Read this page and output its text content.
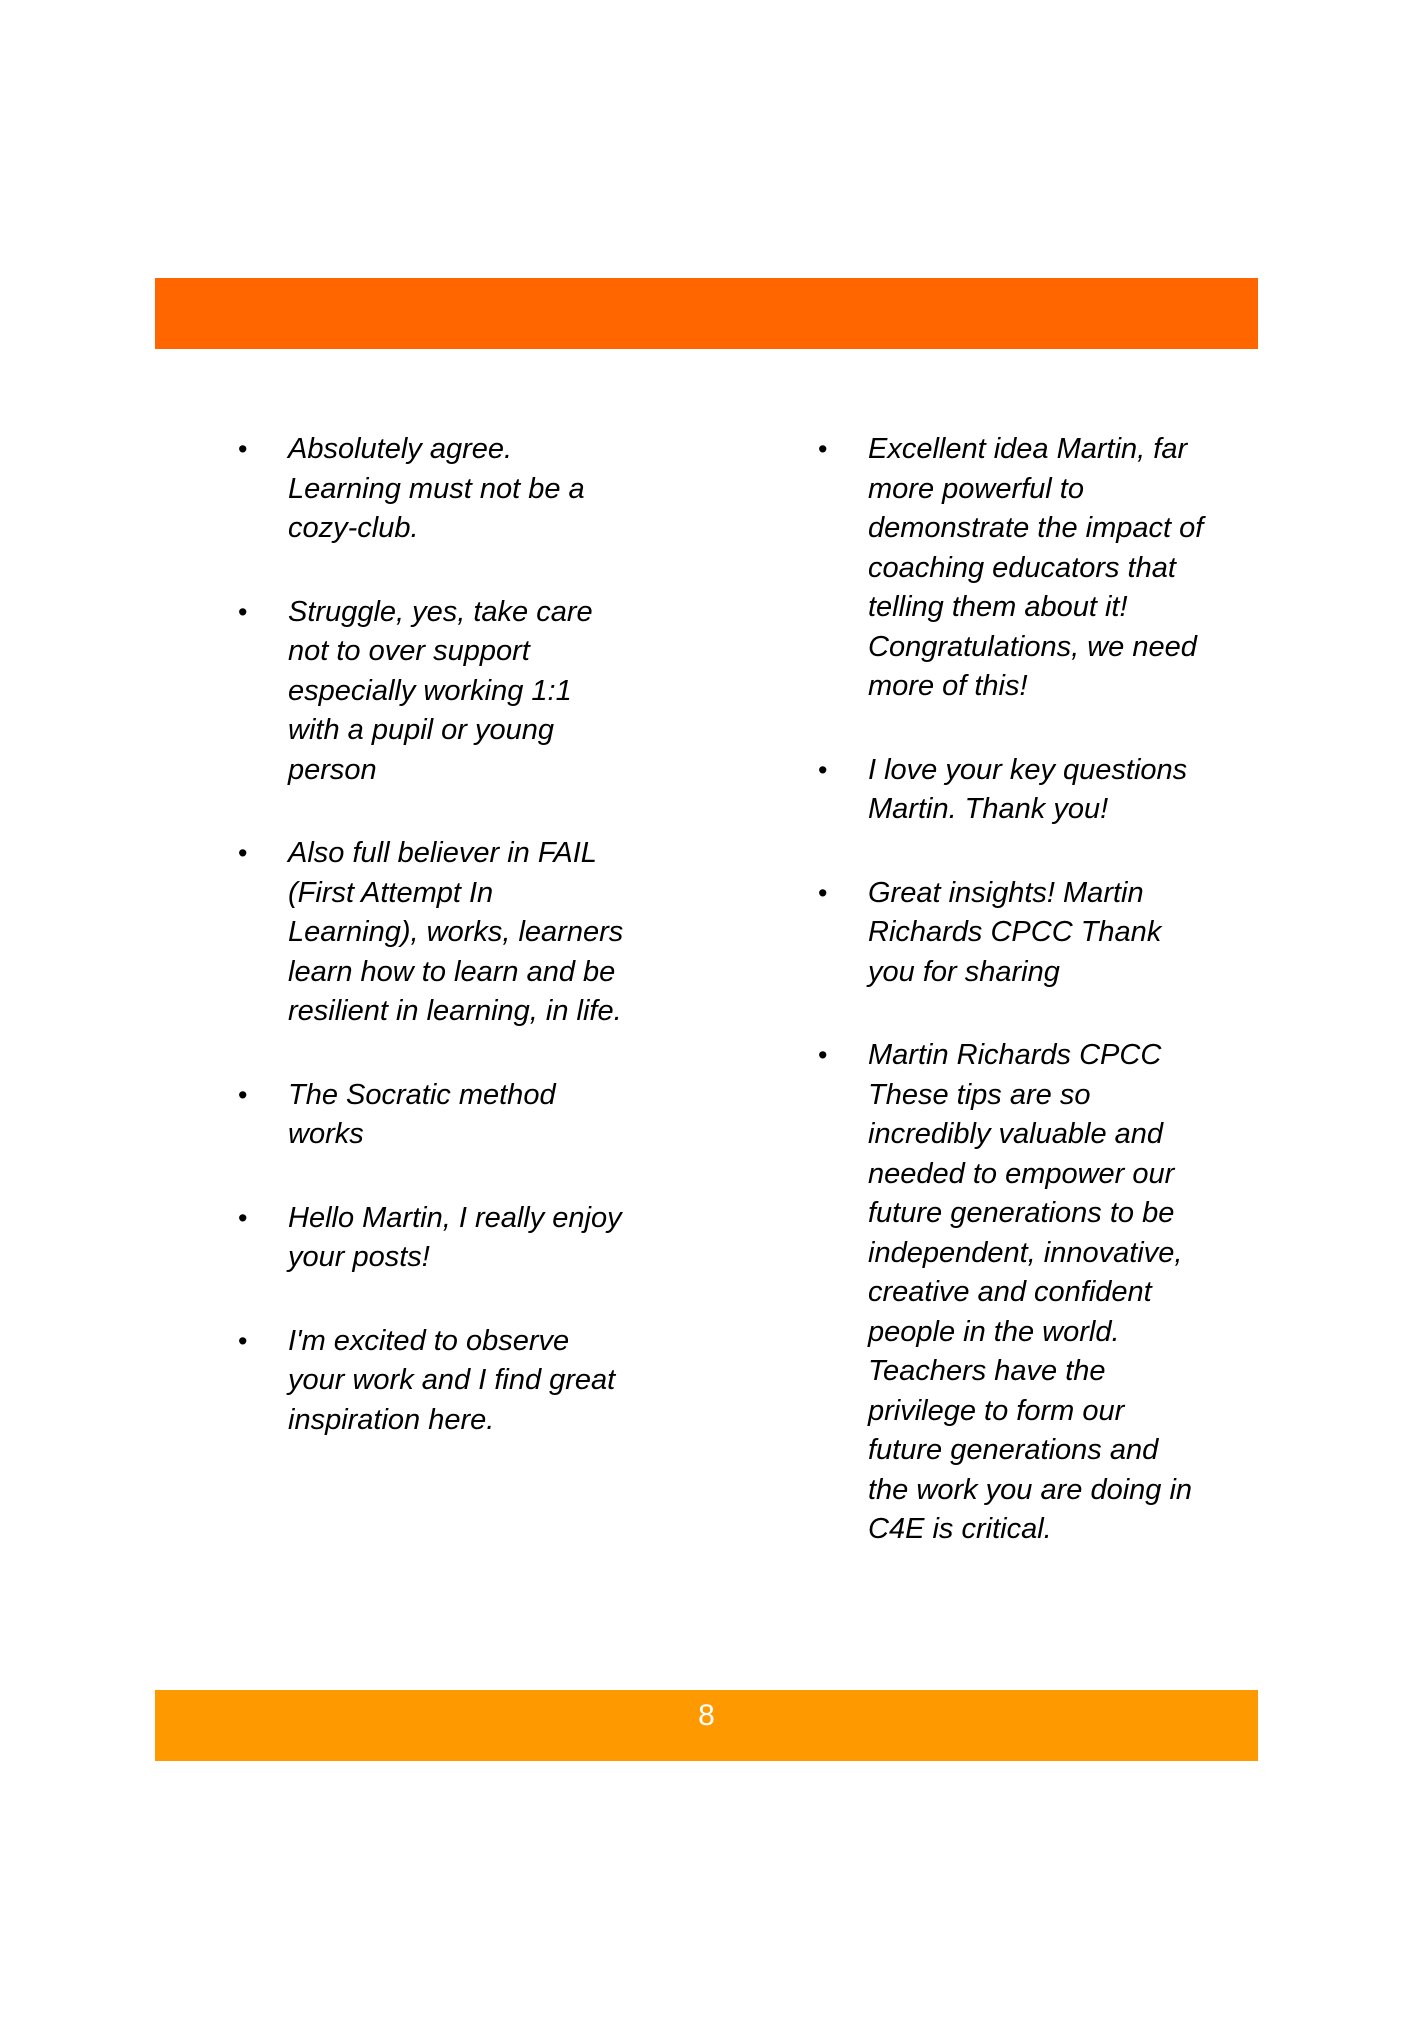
• Absolutely agree.
Learning must not be a
cozy-club.
• Struggle, yes, take care
not to over support
especially working 1:1
with a pupil or young
person
• Also full believer in FAIL
(First Attempt In
Learning), works, learners
learn how to learn and be
resilient in learning, in life.
• The Socratic method
works
• Hello Martin, I really enjoy
your posts!
• I'm excited to observe
your work and I find great
inspiration here.
• Excellent idea Martin, far
more powerful to
demonstrate the impact of
coaching educators that
telling them about it!
Congratulations, we need
more of this!
• I love your key questions
Martin. Thank you!
• Great insights! Martin
Richards CPCC Thank
you for sharing
• Martin Richards CPCC
These tips are so
incredibly valuable and
needed to empower our
future generations to be
independent, innovative,
creative and confident
people in the world.
Teachers have the
privilege to form our
future generations and
the work you are doing in
C4E is critical.
8
